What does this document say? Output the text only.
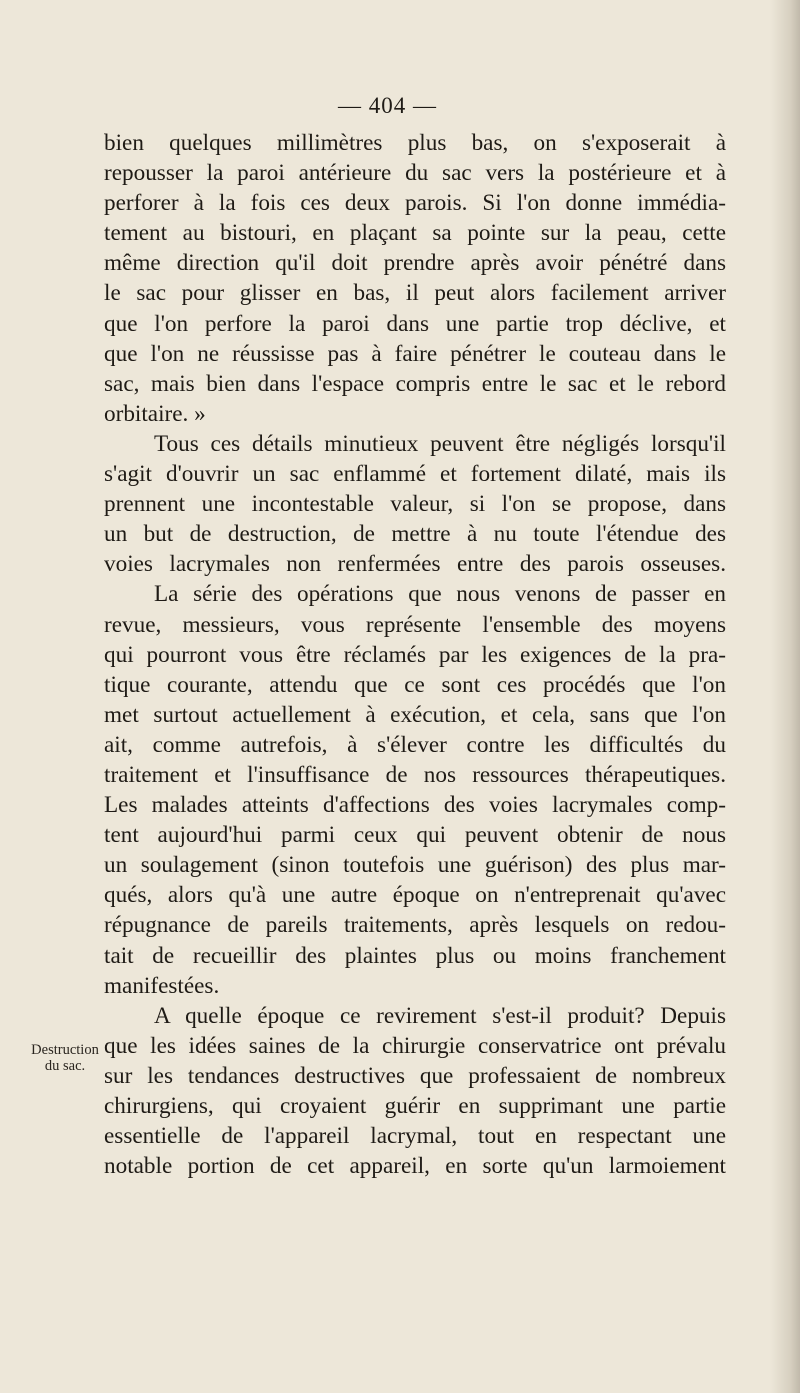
— 404 —
Destruction
du sac.
bien quelques millimètres plus bas, on s'exposerait à
repousser la paroi antérieure du sac vers la postérieure et à
perforer à la fois ces deux parois. Si l'on donne immédia-
tement au bistouri, en plaçant sa pointe sur la peau, cette
même direction qu'il doit prendre après avoir pénétré dans
le sac pour glisser en bas, il peut alors facilement arriver
que l'on perfore la paroi dans une partie trop déclive, et
que l'on ne réussisse pas à faire pénétrer le couteau dans le
sac, mais bien dans l'espace compris entre le sac et le rebord
orbitaire. »
Tous ces détails minutieux peuvent être négligés lorsqu'il
s'agit d'ouvrir un sac enflammé et fortement dilaté, mais ils
prennent une incontestable valeur, si l'on se propose, dans
un but de destruction, de mettre à nu toute l'étendue des
voies lacrymales non renfermées entre des parois osseuses.
La série des opérations que nous venons de passer en
revue, messieurs, vous représente l'ensemble des moyens
qui pourront vous être réclamés par les exigences de la pra-
tique courante, attendu que ce sont ces procédés que l'on
met surtout actuellement à exécution, et cela, sans que l'on
ait, comme autrefois, à s'élever contre les difficultés du
traitement et l'insuffisance de nos ressources thérapeutiques.
Les malades atteints d'affections des voies lacrymales comp-
tent aujourd'hui parmi ceux qui peuvent obtenir de nous
un soulagement (sinon toutefois une guérison) des plus mar-
qués, alors qu'à une autre époque on n'entreprenait qu'avec
répugnance de pareils traitements, après lesquels on redou-
tait de recueillir des plaintes plus ou moins franchement
manifestées.
A quelle époque ce revirement s'est-il produit? Depuis
que les idées saines de la chirurgie conservatrice ont prévalu
sur les tendances destructives que professaient de nombreux
chirurgiens, qui croyaient guérir en supprimant une partie
essentielle de l'appareil lacrymal, tout en respectant une
notable portion de cet appareil, en sorte qu'un larmoiement
